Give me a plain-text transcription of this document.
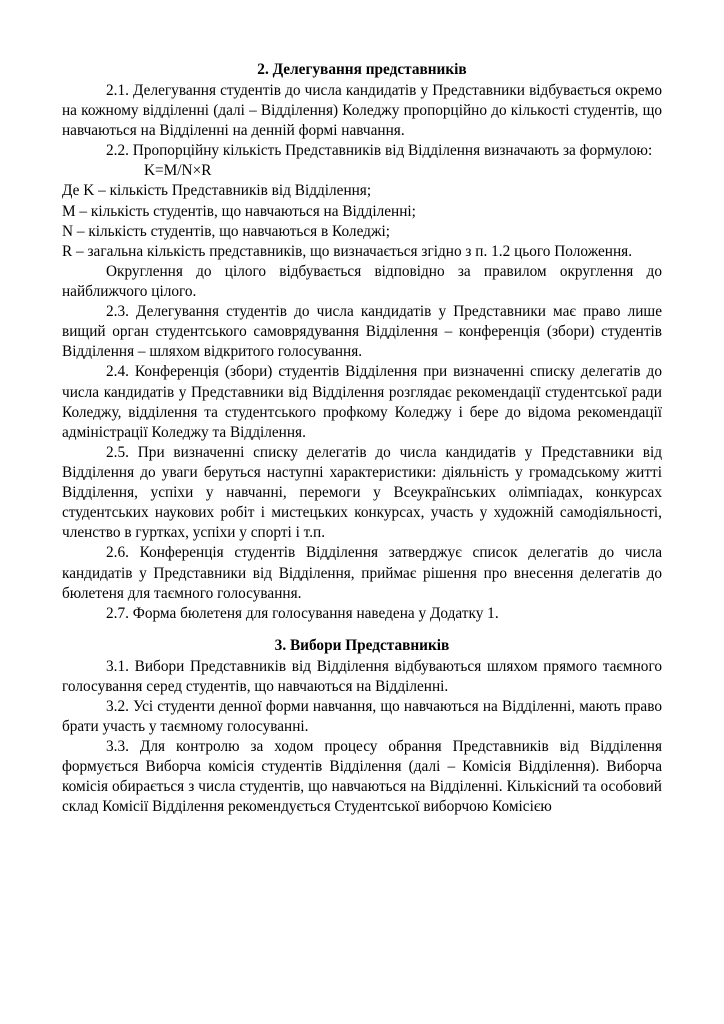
2. Делегування представників

2.1. Делегування студентів до числа кандидатів у Представники відбувається окремо на кожному відділенні (далі – Відділення) Коледжу пропорційно до кількості студентів, що навчаються на Відділенні на денній формі навчання.

2.2. Пропорційну кількість Представників від Відділення визначають за формулою:

K=M/N×R

Де K – кількість Представників від Відділення;

M – кількість студентів, що навчаються на Відділенні;

N – кількість студентів, що навчаються в Коледжі;

R – загальна кількість представників, що визначається згідно з п. 1.2 цього Положення.

Округлення до цілого відбувається відповідно за правилом округлення до найближчого цілого.

2.3. Делегування студентів до числа кандидатів у Представники має право лише вищий орган студентського самоврядування Відділення – конференція (збори) студентів Відділення – шляхом відкритого голосування.

2.4. Конференція (збори) студентів Відділення при визначенні списку делегатів до числа кандидатів у Представники від Відділення розглядає рекомендації студентської ради Коледжу, відділення та студентського профкому Коледжу і бере до відома рекомендації адміністрації Коледжу та Відділення.

2.5. При визначенні списку делегатів до числа кандидатів у Представники від Відділення до уваги беруться наступні характеристики: діяльність у громадському житті Відділення, успіхи у навчанні, перемоги у Всеукраїнських олімпіадах, конкурсах студентських наукових робіт і мистецьких конкурсах, участь у художній самодіяльності, членство в гуртках, успіхи у спорті і т.п.

2.6. Конференція студентів Відділення затверджує список делегатів до числа кандидатів у Представники від Відділення, приймає рішення про внесення делегатів до бюлетеня для таємного голосування.

2.7. Форма бюлетеня для голосування наведена у Додатку 1.

3. Вибори Представників

3.1. Вибори Представників від Відділення відбуваються шляхом прямого таємного голосування серед студентів, що навчаються на Відділенні.

3.2. Усі студенти денної форми навчання, що навчаються на Відділенні, мають право брати участь у таємному голосуванні.

3.3. Для контролю за ходом процесу обрання Представників від Відділення формується Виборча комісія студентів Відділення (далі – Комісія Відділення). Виборча комісія обирається з числа студентів, що навчаються на Відділенні. Кількісний та особовий склад Комісії Відділення рекомендується Студентської виборчою Комісією
